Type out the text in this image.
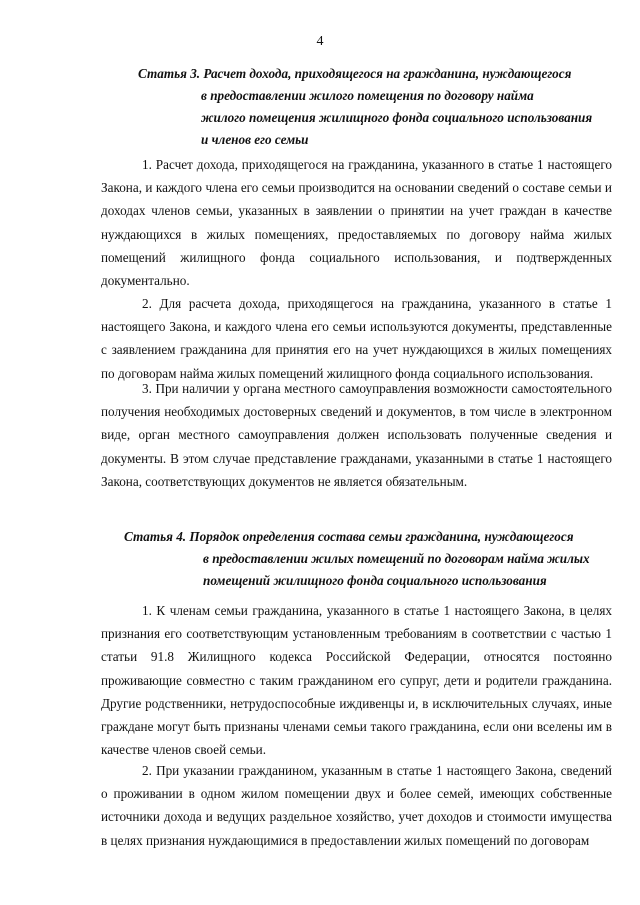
4
Статья 3. Расчет дохода, приходящегося на гражданина, нуждающегося
в предоставлении жилого помещения по договору найма
жилого помещения жилищного фонда социального использования
и членов его семьи

1. Расчет дохода, приходящегося на гражданина, указанного в статье 1 настоящего Закона, и каждого члена его семьи производится на основании сведений о составе семьи и доходах членов семьи, указанных в заявлении о принятии на учет граждан в качестве нуждающихся в жилых помещениях, предоставляемых по договору найма жилых помещений жилищного фонда социального использования, и подтвержденных документально.

2. Для расчета дохода, приходящегося на гражданина, указанного в статье 1 настоящего Закона, и каждого члена его семьи используются документы, представленные с заявлением гражданина для принятия его на учет нуждающихся в жилых помещениях по договорам найма жилых помещений жилищного фонда социального использования.

3. При наличии у органа местного самоуправления возможности самостоятельного получения необходимых достоверных сведений и документов, в том числе в электронном виде, орган местного самоуправления должен использовать полученные сведения и документы. В этом случае представление гражданами, указанными в статье 1 настоящего Закона, соответствующих документов не является обязательным.

Статья 4. Порядок определения состава семьи гражданина, нуждающегося
в предоставлении жилых помещений по договорам найма жилых
помещений жилищного фонда социального использования

1. К членам семьи гражданина, указанного в статье 1 настоящего Закона, в целях признания его соответствующим установленным требованиям в соответствии с частью 1 статьи 91.8 Жилищного кодекса Российской Федерации, относятся постоянно проживающие совместно с таким гражданином его супруг, дети и родители гражданина. Другие родственники, нетрудоспособные иждивенцы и, в исключительных случаях, иные граждане могут быть признаны членами семьи такого гражданина, если они вселены им в качестве членов своей семьи.

2. При указании гражданином, указанным в статье 1 настоящего Закона, сведений о проживании в одном жилом помещении двух и более семей, имеющих собственные источники дохода и ведущих раздельное хозяйство, учет доходов и стоимости имущества в целях признания нуждающимися в предоставлении жилых помещений по договорам
